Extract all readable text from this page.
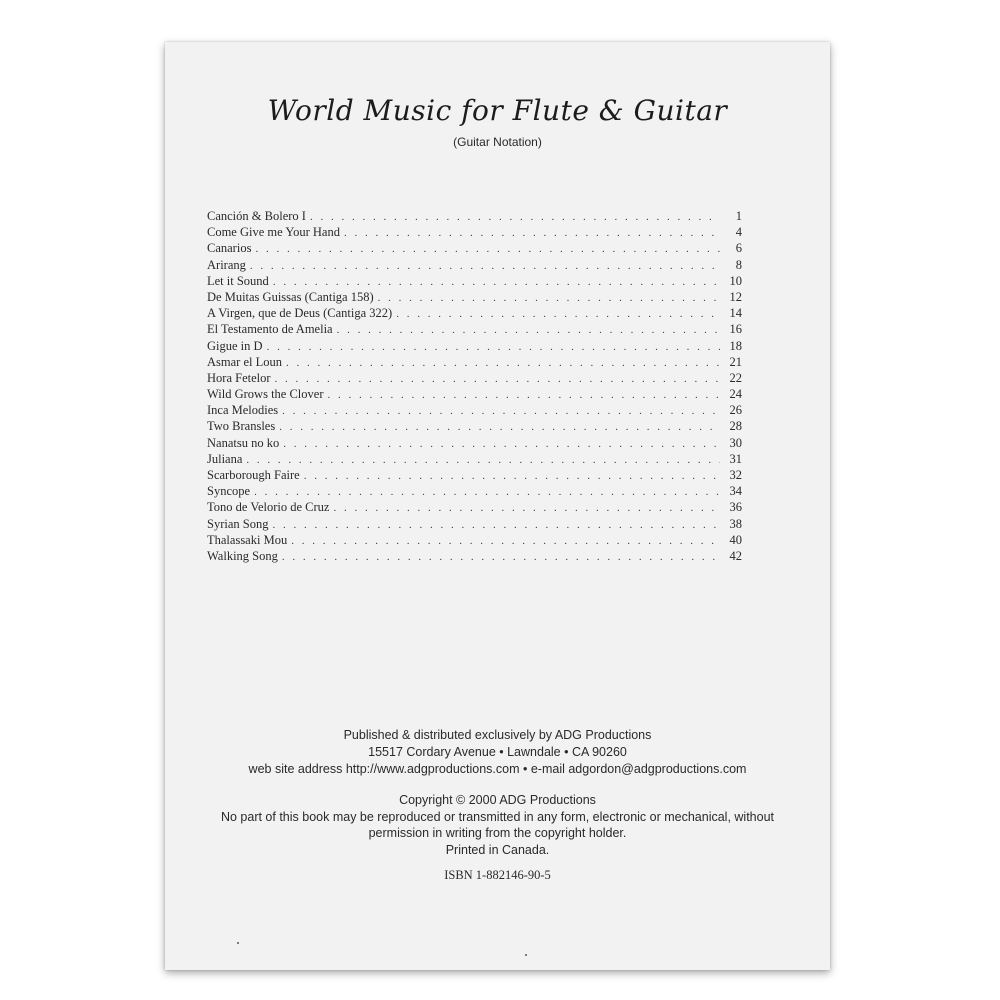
World Music for Flute & Guitar
(Guitar Notation)
Canción & Bolero I . . .	1
Come Give me Your Hand . . .	4
Canarios . . .	6
Arirang . . .	8
Let it Sound . . .	10
De Muitas Guissas (Cantiga 158) . . .	12
A Virgen, que de Deus (Cantiga 322) . . .	14
El Testamento de Amelia . . .	16
Gigue in D . . .	18
Asmar el Loun . . .	21
Hora Fetelor . . .	22
Wild Grows the Clover . . .	24
Inca Melodies . . .	26
Two Bransles . . .	28
Nanatsu no ko . . .	30
Juliana . . .	31
Scarborough Faire . . .	32
Syncope . . .	34
Tono de Velorio de Cruz . . .	36
Syrian Song . . .	38
Thalassaki Mou . . .	40
Walking Song . . .	42
Published & distributed exclusively by ADG Productions
15517 Cordary Avenue • Lawndale • CA 90260
web site address http://www.adgproductions.com • e-mail adgordon@adgproductions.com
Copyright © 2000 ADG Productions
No part of this book may be reproduced or transmitted in any form, electronic or mechanical, without
permission in writing from the copyright holder.
Printed in Canada.
ISBN 1-882146-90-5
